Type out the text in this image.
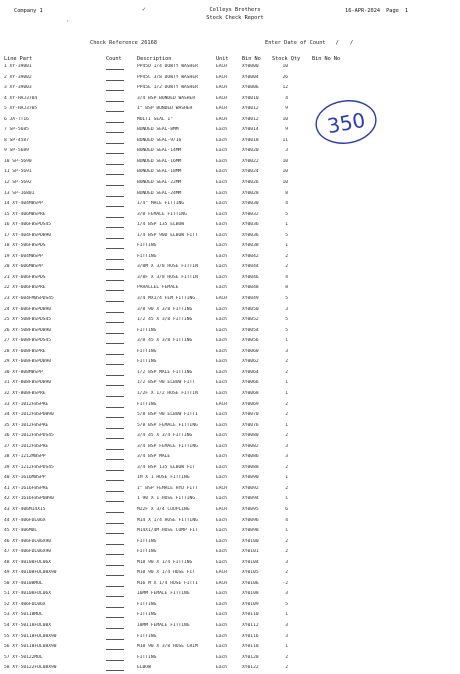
Company 1	Colleys Brothers
Stock Check Report
16-APR-2024 Page 1
✓
·
Check Reference 26168	Enter Date of Count / /
Line Part	Count	Description	Unit	Bin No	Stock Qty	Bin No No
1 XY-39001	PP45D 1/4 DOWTY WASHER	EACH	XY0000	10
2 XY-39002	PP45C 3/8 DOWTY WASHER	EACH	XY0004	26
3 XY-39003	PP45E 1/2 DOWTY WASHER	EACH	XY0006	12
4 XY-HAJ3704	3/4 BSP BONDED WASHER	EACH	XY0010	4
5 XY-HAJ3705	1" BSP BONDED WASHER	EACH	XY0012	9
6 JA-TT16	MULTI SEAL 1"	EACH	XY0012	10
7 SP-5685	BONDED SEAL-8MM	Each	XY0014	9
8 SP-4587	BONDED SEAL-9/16	Each	XY0018	11
9 SP-5689	BONDED SEAL-14MM	Each	XY0020	3
10 SP-5690	BONDED SEAL-16MM	Each	XY0022	10
11 SP-5691	BONDED SEAL-18MM	Each	XY0024	10
12 SP-5692	BONDED SEAL-22MM	Each	XY0026	10
13 SP-16801	BONDED SEAL-24MM	Each	XY0028	8
14 XY-404MBSPP	1/4" MALE FITTING	Each	XY0030	4
15 XY-406MBSPRE	3/8 FEMALE FITTING	Each	XY0032	5
16 XY-406FBSPDS45	1/4 BSP 135 ELBOW	Each	XY0036	1
17 XY-404FBSPDB90	1/4 BSP 90D ELBOW FITT	Each	XY0036	5
18 XY-506FBSPDS	FITTING	Each	XY0038	1
19 XY-604MBSPP	FITTING	Each	XY0042	2
20 XY-606MBSPP	3/8M X 3/8 HOSE FITTIN	Each	XY0044	2
21 XY-606FBSPDS	3/8F X 3/8 HOSE FITTIN	Each	XY0046	4
22 XY-606FBSPRE	PARALLEL FEMALE	Each	XY0048	8
23 XY-604FMBSPDS45	3/4 MX1/4 FEM FITTING	EACH	XY0049	5
24 XY-606FBSPDB90	3/8 90 X 3/8 FITTING	Each	XY0050	3
25 XY-508FBSPDS45	1/2 45 X 3/8 FITTING	Each	XY0052	5
26 XY-508FBSPDB90	FITTING	Each	XY0054	5
27 XY-608FBSPDS45	3/8 45 X 3/8 FITTING	Each	XY0056	1
28 XY-608FBSPRE	FITTING	Each	XY0060	3
29 XY-608FBSPDB90	FITTING	Each	XY0062	2
30 XY-808MBSPP	1/2 BSP MALE FITTING	Each	XY0064	2
31 XY-808FBSPDB90	1/2 BSP 90 ELBOW FITT	Each	XY0066	1
32 XY-808FBSPRE	1/2F X 1/2 HOSE FITTIN	Each	XY0068	1
33 XY-1012FBSPRE	FITTING	EACH	XY0069	2
34 XY-1012FBSPDB90	5/8 BSP 90 ELBOW FITTI	Each	XY0070	2
35 XY-1012FBSPRE	5/8 BSP FEMALE FITTING	Each	XY0076	1
36 XY-1012FBSPDS45	3/4 45 X 3/4 FITTING	Each	XY0080	2
37 XY-1012FBSPRE	3/4 BSP FEMALE FITTING	Each	XY0082	3
38 XY-1212MBSPP	3/4 BSP MALE	Each	XY0086	3
39 XY-1212FBSPDS45	3/4 BSP 135 ELBOW FIT	Each	XY0088	2
40 XY-1616MBSPP	1M X 1 HOSE FITTING	Each	XY0090	1
41 XY-1616FBSPRE	1" BSP FEMALE HYD FITT	EACH	XY0092	2
42 XY-1616FBSPDB90	1 90 X 1 HOSE FITTING	Each	XY0094	1
43 XY-406M14X15	M22F X 3/4 COUPLING	EACH	XY0095	6
44 XY-406FDL06X	M14 X 1/4 HOSE FITTING	Each	XY0096	4
45 XY-406MDL	M14X1/4M HOSE COMP FIT	Each	XY0098	1
46 XY-406FDL06X90	FITTING	Each	XY0100	2
47 XY-406FDL06X90	FITTING	Each	XY0101	2
48 XY-40108FDL06X	M18 90 X 1/4 FITTING	Each	XY0104	3
49 XY-40108FDL08X90	M18 90 X 1/4 HOSE FIT	EACH	XY0105	2
50 XY-40108MDL	M16 M X 1/4 HOSE FITTI	EACH	XY0106	-2
51 XY-40108FDL06X	16MM FEMALE FITTING	Each	XY0108	3
52 XY-406FDL06X	FITTING	Each	XY0109	5
53 XY-50118MDL	FITTING	Each	XY0110	1
54 XY-50118FDL08X	18MM FEMALE FITTING	Each	XY0112	3
55 XY-50118FDL08X90	FITTING	Each	XY0116	3
56 XY-50118FDL08X90	M18 90 X 3/8 HOSE CRIM	Each	XY0118	1
57 XY-50122MDL	FITTING	Each	XY0120	2
58 XY-50122FDL08X90	ELBOW	Each	XY0122	2
350
